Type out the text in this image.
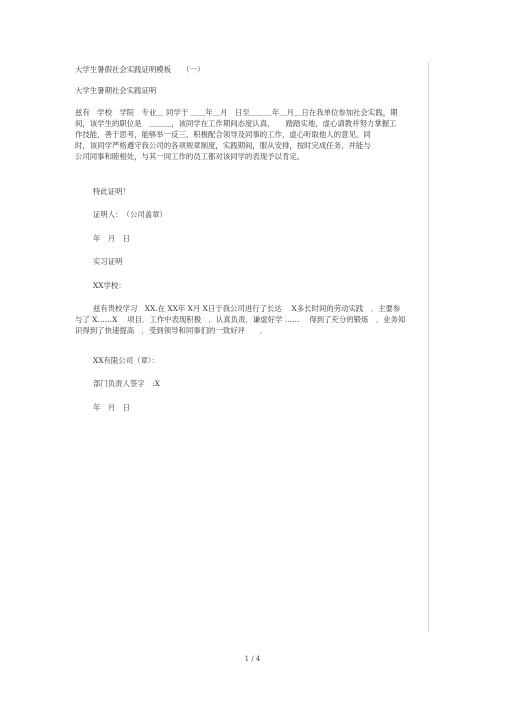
大学生暑假社会实践证明模板　　（一）
大学生暑期社会实践证明
兹有　学校　学院　专业＿ 同学于 ＿＿年＿月　日至＿＿＿年＿月＿日在我单位参加社会实践，期
间，该学生的职位是　＿＿＿，该同学在工作期间态度认真，　　踏踏实地，虚心请教并努力掌握工
作技能，善于思考，能够举一反三，积极配合领导及同事的工作，虚心听取他人的意见。同
时，该同学严格遵守我公司的各项规章制度，实践期间，服从安排，按时完成任务，并能与
公司同事和睦相处，与其一同工作的员工都对该同学的表现予以肯定。
特此证明！
证明人：　（公司盖章）
年　月　日
实习证明
XX学校：
兹有贵校学习　XX.在 XX年 X月 X日于我公司进行了长达　 X多长时间的劳动实践　．主要参
与了 X……X　 项目．工作中表现积极　．认真负责．谦虚好学 ……　 得到了充分的锻炼　．业务知
识得到了快速提高　．受到领导和同事们的一致好评　　．
XX有限公司（章）：
部门负责人签字　:X
年　月　日
1 / 4
